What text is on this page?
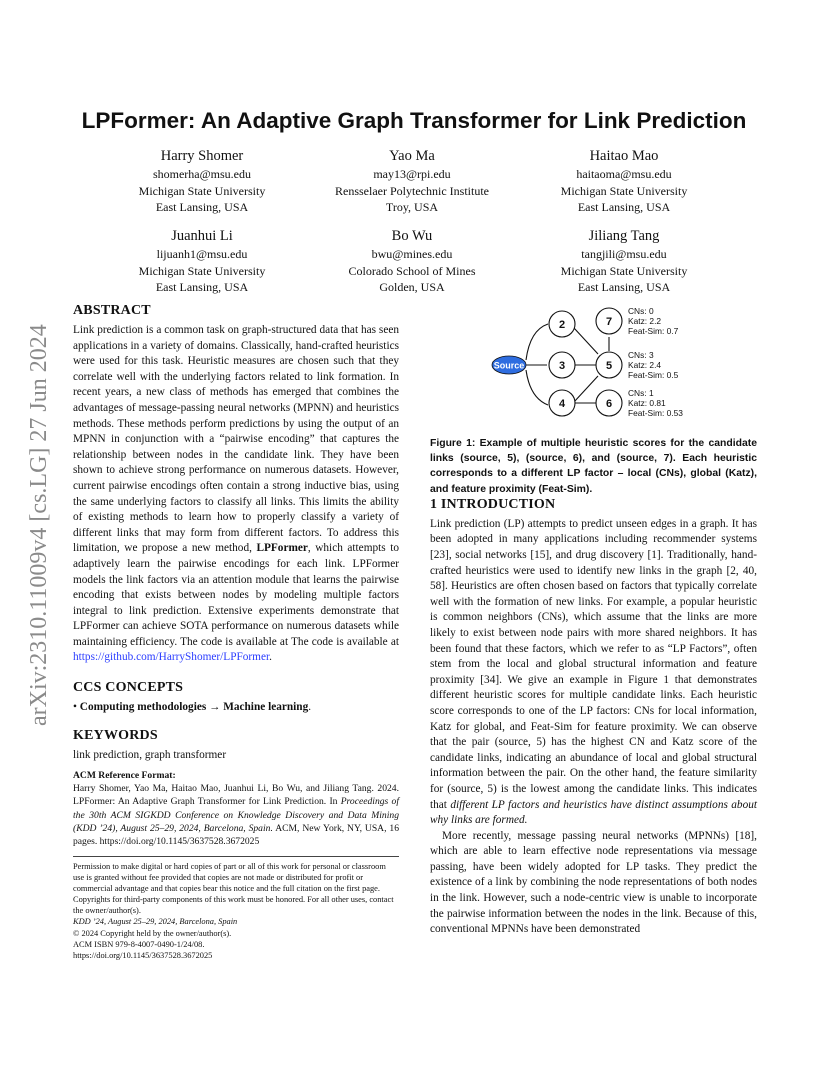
arXiv:2310.11009v4 [cs.LG] 27 Jun 2024
LPFormer: An Adaptive Graph Transformer for Link Prediction
Harry Shomer
shomerha@msu.edu
Michigan State University
East Lansing, USA
Yao Ma
may13@rpi.edu
Rensselaer Polytechnic Institute
Troy, USA
Haitao Mao
haitaoma@msu.edu
Michigan State University
East Lansing, USA
Juanhui Li
lijuanh1@msu.edu
Michigan State University
East Lansing, USA
Bo Wu
bwu@mines.edu
Colorado School of Mines
Golden, USA
Jiliang Tang
tangjili@msu.edu
Michigan State University
East Lansing, USA
ABSTRACT

Link prediction is a common task on graph-structured data that has seen applications in a variety of domains. Classically, hand-crafted heuristics were used for this task. Heuristic measures are chosen such that they correlate well with the underlying factors related to link formation. In recent years, a new class of methods has emerged that combines the advantages of message-passing neural networks (MPNN) and heuristics methods. These methods perform predictions by using the output of an MPNN in conjunction with a “pairwise encoding” that captures the relationship between nodes in the candidate link. They have been shown to achieve strong performance on numerous datasets. However, current pairwise encodings often contain a strong inductive bias, using the same underlying factors to classify all links. This limits the ability of existing methods to learn how to properly classify a variety of different links that may form from different factors. To address this limitation, we propose a new method, LPFormer, which attempts to adaptively learn the pairwise encodings for each link. LPFormer models the link factors via an attention module that learns the pairwise encoding that exists between nodes by modeling multiple factors integral to link prediction. Extensive experiments demonstrate that LPFormer can achieve SOTA performance on numerous datasets while maintaining efficiency. The code is available at The code is available at https://github.com/HarryShomer/LPFormer.

CCS CONCEPTS

• Computing methodologies → Machine learning.

KEYWORDS

link prediction, graph transformer

ACM Reference Format:

Harry Shomer, Yao Ma, Haitao Mao, Juanhui Li, Bo Wu, and Jiliang Tang. 2024. LPFormer: An Adaptive Graph Transformer for Link Prediction. In Proceedings of the 30th ACM SIGKDD Conference on Knowledge Discovery and Data Mining (KDD ’24), August 25–29, 2024, Barcelona, Spain. ACM, New York, NY, USA, 16 pages. https://doi.org/10.1145/3637528.3672025

Permission to make digital or hard copies of part or all of this work for personal or classroom use is granted without fee provided that copies are not made or distributed for profit or commercial advantage and that copies bear this notice and the full citation on the first page. Copyrights for third-party components of this work must be honored. For all other uses, contact the owner/author(s).
KDD ’24, August 25–29, 2024, Barcelona, Spain
© 2024 Copyright held by the owner/author(s).
ACM ISBN 979-8-4007-0490-1/24/08.
https://doi.org/10.1145/3637528.3672025
Source
2
3
4
5
6
7
CNs: 0
Katz: 2.2
Feat-Sim: 0.7
CNs: 3
Katz: 2.4
Feat-Sim: 0.5
CNs: 1
Katz: 0.81
Feat-Sim: 0.53

Figure 1: Example of multiple heuristic scores for the candidate links (source, 5), (source, 6), and (source, 7). Each heuristic corresponds to a different LP factor – local (CNs), global (Katz), and feature proximity (Feat-Sim).

1 INTRODUCTION

Link prediction (LP) attempts to predict unseen edges in a graph. It has been adopted in many applications including recommender systems [23], social networks [15], and drug discovery [1]. Traditionally, hand-crafted heuristics were used to identify new links in the graph [2, 40, 58]. Heuristics are often chosen based on factors that typically correlate well with the formation of new links. For example, a popular heuristic is common neighbors (CNs), which assume that the links are more likely to exist between node pairs with more shared neighbors. It has been found that these factors, which we refer to as “LP Factors”, often stem from the local and global structural information and feature proximity [34]. We give an example in Figure 1 that demonstrates different heuristic scores for multiple candidate links. Each heuristic score corresponds to one of the LP factors: CNs for local information, Katz for global, and Feat-Sim for feature proximity. We can observe that the pair (source, 5) has the highest CN and Katz score of the candidate links, indicating an abundance of local and global structural information between the pair. On the other hand, the feature similarity for (source, 5) is the lowest among the candidate links. This indicates that different LP factors and heuristics have distinct assumptions about why links are formed.

More recently, message passing neural networks (MPNNs) [18], which are able to learn effective node representations via message passing, have been widely adopted for LP tasks. They predict the existence of a link by combining the node representations of both nodes in the link. However, such a node-centric view is unable to incorporate the pairwise information between the nodes in the link. Because of this, conventional MPNNs have been demonstrated
